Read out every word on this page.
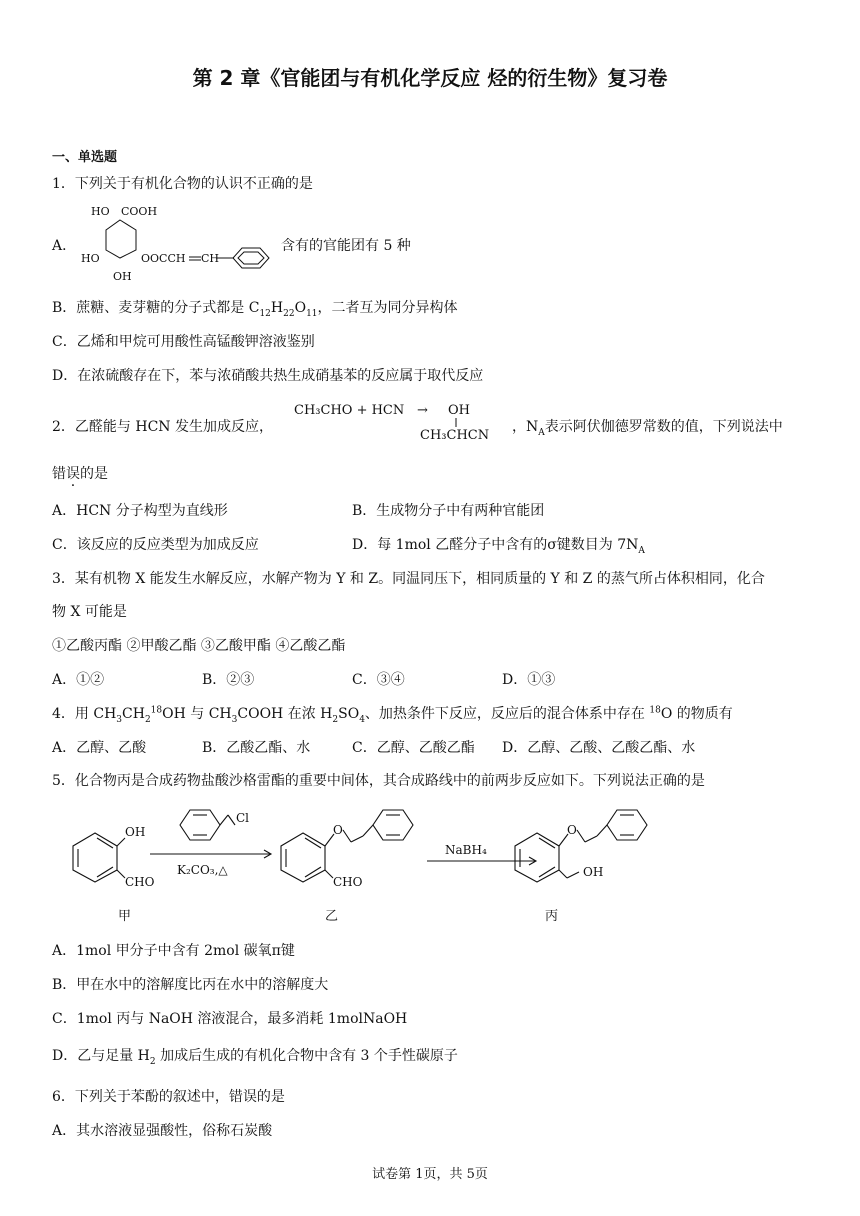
第 2 章《官能团与有机化学反应 烃的衍生物》复习卷
一、单选题
1．下列关于有机化合物的认识不正确的是
A．
HO COOH
HO	OOCCH CH
OH
含有的官能团有 5 种
B．蔗糖、麦芽糖的分子式都是 $C_{12}H_{22}O_{11}$，二者互为同分异构体
C．乙烯和甲烷可用酸性高锰酸钾溶液鉴别
D．在浓硫酸存在下，苯与浓硝酸共热生成硝基苯的反应属于取代反应
2．乙醛能与 HCN 发生加成反应，
CH₃CHO + HCN → OH
CH₃CHCN
，$N_A$表示阿伏伽德罗常数的值，下列说法中
错误的是
A．HCN 分子构型为直线形	B．生成物分子中有两种官能团
C．该反应的反应类型为加成反应	D．每 1mol 乙醛分子中含有的σ键数目为 $7N_A$
3．某有机物 X 能发生水解反应，水解产物为 Y 和 Z。同温同压下，相同质量的 Y 和 Z 的蒸气所占体积相同，化合
物 X 可能是
①乙酸丙酯 ②甲酸乙酯 ③乙酸甲酯 ④乙酸乙酯
A．①②	B．②③	C．③④	D．①③
4．用 $CH_3CH_2^{18}OH$ 与 $CH_3COOH$ 在浓 $H_2SO_4$、加热条件下反应，反应后的混合体系中存在 $^{18}$O 的物质有
A．乙醇、乙酸	B．乙酸乙酯、水	C．乙醇、乙酸乙酯 D．乙醇、乙酸、乙酸乙酯、水
5．化合物丙是合成药物盐酸沙格雷酯的重要中间体，其合成路线中的前两步反应如下。下列说法正确的是
OH
CHO
Cl
K₂CO₃,△
O
CHO
NaBH₄
O
OH
甲	乙	丙
A．1mol 甲分子中含有 2mol 碳氧π键
B．甲在水中的溶解度比丙在水中的溶解度大
C．1mol 丙与 NaOH 溶液混合，最多消耗 1molNaOH
D．乙与足量 $H_2$ 加成后生成的有机化合物中含有 3 个手性碳原子
6．下列关于苯酚的叙述中，错误的是
A．其水溶液显强酸性，俗称石炭酸
试卷第 1页，共 5页
